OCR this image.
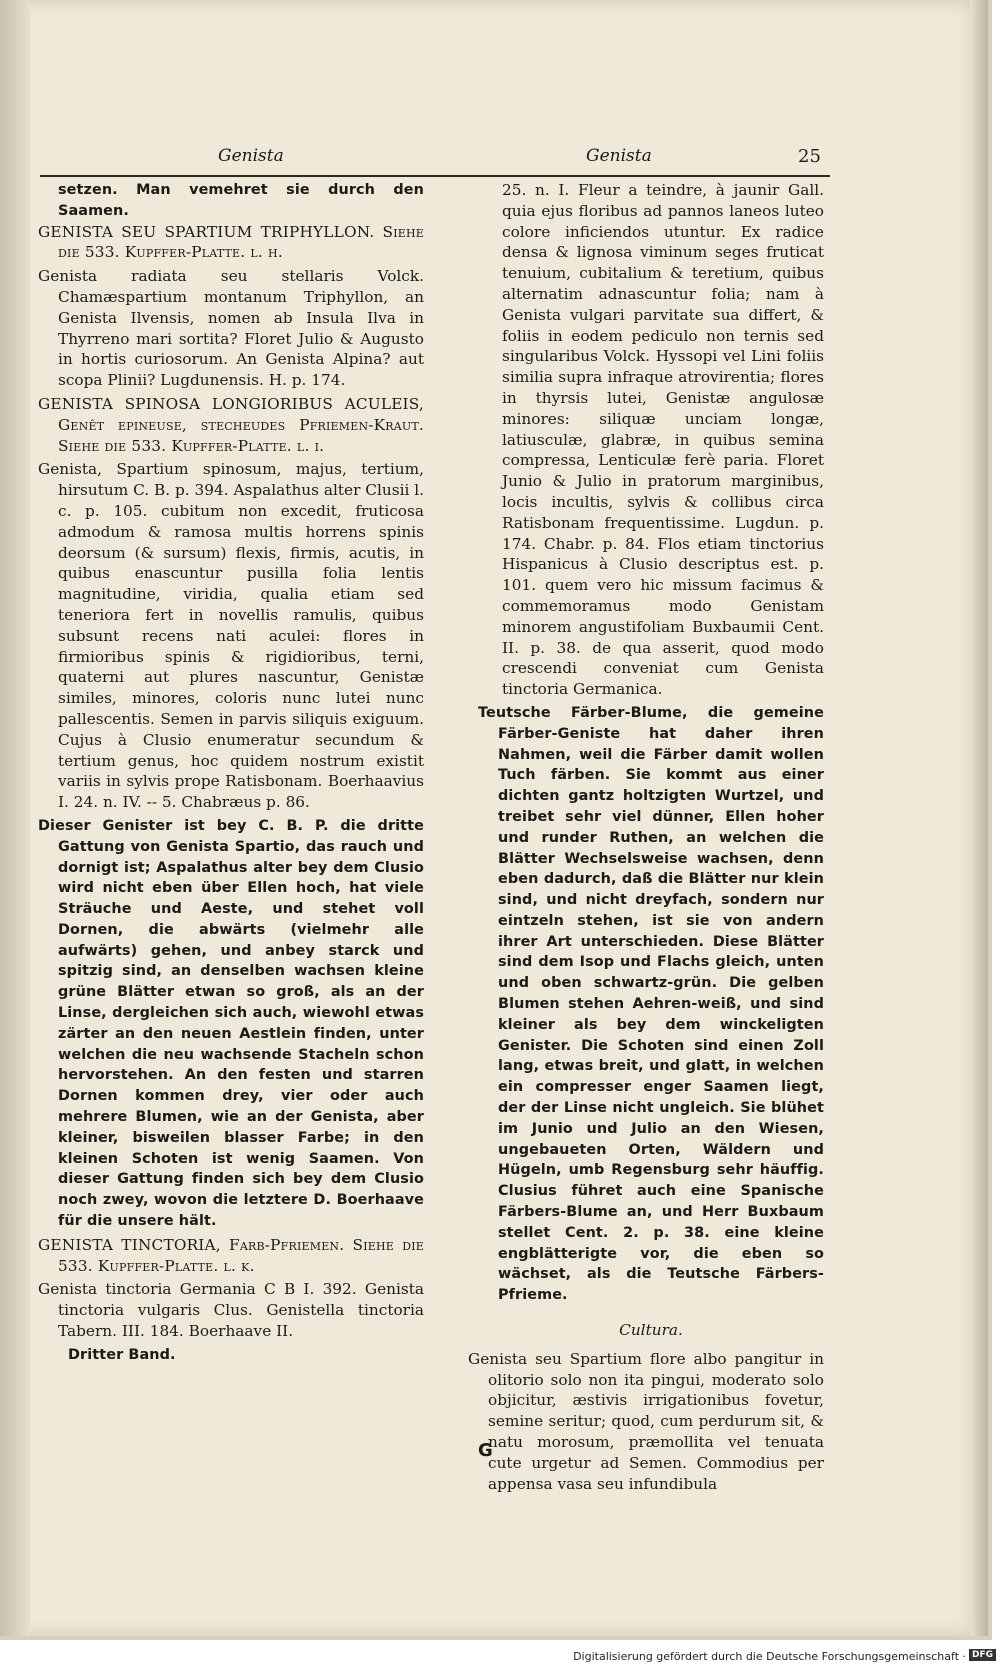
Genista	Genista	25

setzen. Man vemehret sie durch den Saamen.

GENISTA SEU SPARTIUM TRIPHYLLON. Siehe die 533. Kupffer-Platte. l. h.

Genista radiata seu stellaris Volck. Chamæspartium montanum Triphyllon, an Genista Ilvensis, nomen ab Insula Ilva in Thyrreno mari sortita? Floret Julio & Augusto in hortis curiosorum. An Genista Alpina? aut scopa Plinii? Lugdunensis. H. p. 174.

GENISTA SPINOSA LONGIORIBUS ACULEIS, Genêt epineuse, stecheudes Pfriemen-Kraut. Siehe die 533. Kupffer-Platte. l. i.

Genista, Spartium spinosum, majus, tertium, hirsutum C. B. p. 394. Aspalathus alter Clusii l. c. p. 105. cubitum non excedit, fruticosa admodum & ramosa multis horrens spinis deorsum (& sursum) flexis, firmis, acutis, in quibus enascuntur pusilla folia lentis magnitudine, viridia, qualia etiam sed teneriora fert in novellis ramulis, quibus subsunt recens nati aculei: flores in firmioribus spinis & rigidioribus, terni, quaterni aut plures nascuntur, Genistæ similes, minores, coloris nunc lutei nunc pallescentis. Semen in parvis siliquis exiguum. Cujus à Clusio enumeratur secundum & tertium genus, hoc quidem nostrum existit variis in sylvis prope Ratisbonam. Boerhaavius I. 24. n. IV. -- 5. Chabræus p. 86.

Dieser Genister ist bey C. B. P. die dritte Gattung von Genista Spartio, das rauch und dornigt ist; Aspalathus alter bey dem Clusio wird nicht eben über Ellen hoch, hat viele Sträuche und Aeste, und stehet voll Dornen, die abwärts (vielmehr alle aufwärts) gehen, und anbey starck und spitzig sind, an denselben wachsen kleine grüne Blätter etwan so groß, als an der Linse, dergleichen sich auch, wiewohl etwas zärter an den neuen Aestlein finden, unter welchen die neu wachsende Stacheln schon hervorstehen. An den festen und starren Dornen kommen drey, vier oder auch mehrere Blumen, wie an der Genista, aber kleiner, bisweilen blasser Farbe; in den kleinen Schoten ist wenig Saamen. Von dieser Gattung finden sich bey dem Clusio noch zwey, wovon die letztere D. Boerhaave für die unsere hält.

GENISTA TINCTORIA, Farb-Pfriemen. Siehe die 533. Kupffer-Platte. l. k.

Genista tinctoria Germania C B I. 392. Genista tinctoria vulgaris Clus. Genistella tinctoria Tabern. III. 184. Boerhaave II.

Dritter Band.

25. n. I. Fleur a teindre, à jaunir Gall. quia ejus floribus ad pannos laneos luteo colore inficiendos utuntur. Ex radice densa & lignosa viminum seges fruticat tenuium, cubitalium & teretium, quibus alternatim adnascuntur folia; nam à Genista vulgari parvitate sua differt, & foliis in eodem pediculo non ternis sed singularibus Volck. Hyssopi vel Lini foliis similia supra infraque atrovirentia; flores in thyrsis lutei, Genistæ angulosæ minores: siliquæ unciam longæ, latiusculæ, glabræ, in quibus semina compressa, Lenticulæ ferè paria. Floret Junio & Julio in pratorum marginibus, locis incultis, sylvis & collibus circa Ratisbonam frequentissime. Lugdun. p. 174. Chabr. p. 84. Flos etiam tinctorius Hispanicus à Clusio descriptus est. p. 101. quem vero hic missum facimus & commemoramus modo Genistam minorem angustifoliam Buxbaumii Cent. II. p. 38. de qua asserit, quod modo crescendi conveniat cum Genista tinctoria Germanica.

Teutsche Färber-Blume, die gemeine Färber-Geniste hat daher ihren Nahmen, weil die Färber damit wollen Tuch färben. Sie kommt aus einer dichten gantz holtzigten Wurtzel, und treibet sehr viel dünner, Ellen hoher und runder Ruthen, an welchen die Blätter Wechselsweise wachsen, denn eben dadurch, daß die Blätter nur klein sind, und nicht dreyfach, sondern nur eintzeln stehen, ist sie von andern ihrer Art unterschieden. Diese Blätter sind dem Isop und Flachs gleich, unten und oben schwartz-grün. Die gelben Blumen stehen Aehren-weiß, und sind kleiner als bey dem winckeligten Genister. Die Schoten sind einen Zoll lang, etwas breit, und glatt, in welchen ein compresser enger Saamen liegt, der der Linse nicht ungleich. Sie blühet im Junio und Julio an den Wiesen, ungebaueten Orten, Wäldern und Hügeln, umb Regensburg sehr häuffig. Clusius führet auch eine Spanische Färbers-Blume an, und Herr Buxbaum stellet Cent. 2. p. 38. eine kleine engblätterigte vor, die eben so wächset, als die Teutsche Färbers-Pfrieme.

Cultura.

Genista seu Spartium flore albo pangitur in olitorio solo non ita pingui, moderato solo objicitur, æstivis irrigationibus fovetur, semine seritur; quod, cum perdurum sit, & natu morosum, præmollita vel tenuata cute urgetur ad Semen. Commodius per appensa vasa seu infundibula

G
Digitalisierung gefördert durch die Deutsche Forschungsgemeinschaft · DFG
